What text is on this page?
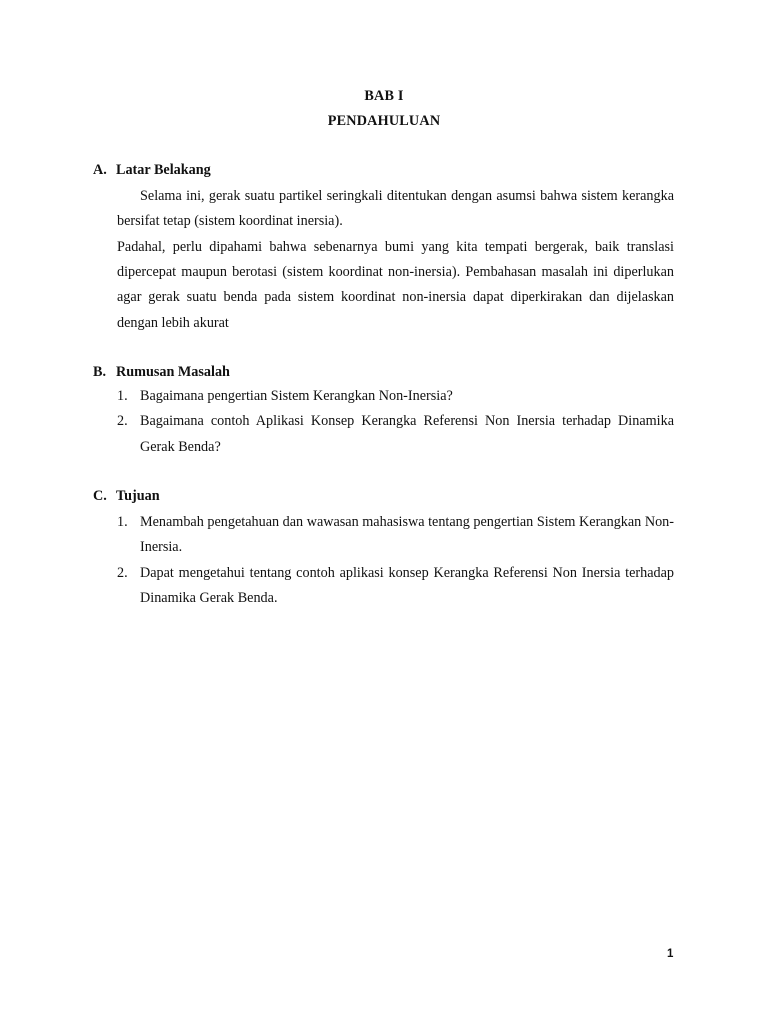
BAB I
PENDAHULUAN
A. Latar Belakang

Selama ini, gerak suatu partikel seringkali ditentukan dengan asumsi bahwa sistem kerangka bersifat tetap (sistem koordinat inersia).

Padahal, perlu dipahami bahwa sebenarnya bumi yang kita tempati bergerak, baik translasi dipercepat maupun berotasi (sistem koordinat non-inersia). Pembahasan masalah ini diperlukan agar gerak suatu benda pada sistem koordinat non-inersia dapat diperkirakan dan dijelaskan dengan lebih akurat

B. Rumusan Masalah
1. Bagaimana pengertian Sistem Kerangkan Non-Inersia?
2. Bagaimana contoh Aplikasi Konsep Kerangka Referensi Non Inersia terhadap Dinamika Gerak Benda?
C. Tujuan
1. Menambah pengetahuan dan wawasan mahasiswa tentang pengertian Sistem Kerangkan Non-Inersia.
2. Dapat mengetahui tentang contoh aplikasi konsep Kerangka Referensi Non Inersia terhadap Dinamika Gerak Benda.
1
